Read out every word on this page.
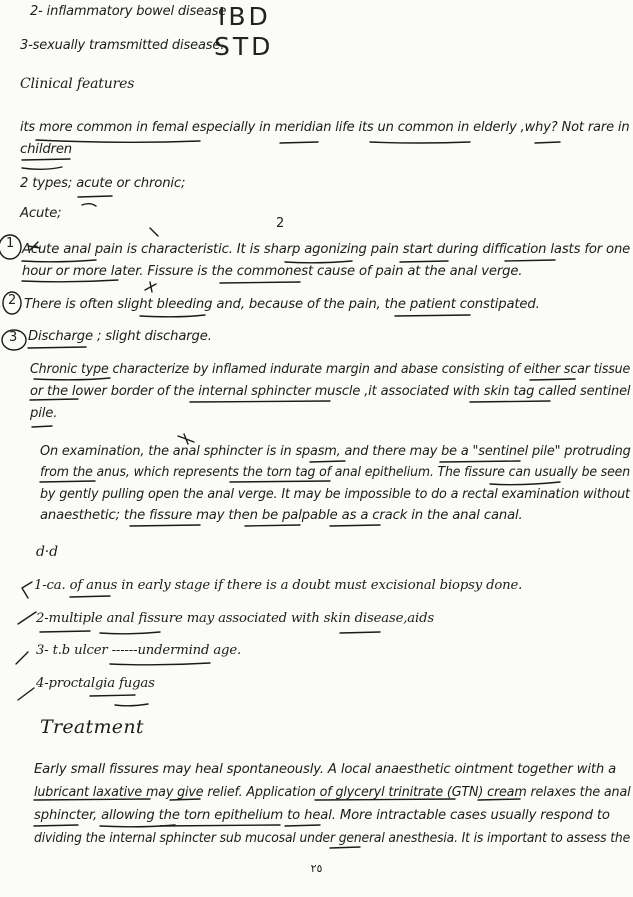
IBD
STD
1
2
3
2
2- inflammatory bowel disease
3-sexually tramsmitted disease.
Clinical features
its more common in femal especially in meridian life its un common in elderly ,why? Not rare in
children
2 types; acute or chronic;
Acute;
Acute anal pain is characteristic. It is sharp agonizing pain start during diffication lasts for one
hour or more later. Fissure is the commonest cause of pain at the anal verge.
There is often slight bleeding and, because of the pain, the patient constipated.
Discharge ; slight discharge.
Chronic type characterize by inflamed indurate margin and abase consisting of either scar tissue
or the lower border of the internal sphincter muscle ,it associated with skin tag called sentinel
pile.
On examination, the anal sphincter is in spasm, and there may be a "sentinel pile" protruding
from the anus, which represents the torn tag of anal epithelium. The fissure can usually be seen
by gently pulling open the anal verge. It may be impossible to do a rectal examination without
anaesthetic; the fissure may then be palpable as a crack in the anal canal.
d·d
1-ca. of anus in early stage if there is a doubt must excisional biopsy done.
2-multiple anal fissure may associated with skin disease,aids
3- t.b ulcer ------undermind age.
4-proctalgia fugas
Treatment
Early small fissures may heal spontaneously. A local anaesthetic ointment together with a
lubricant laxative may give relief. Application of glyceryl trinitrate (GTN) cream relaxes the anal
sphincter, allowing the torn epithelium to heal. More intractable cases usually respond to
dividing the internal sphincter sub mucosal under general anesthesia. It is important to assess the
٢٥
